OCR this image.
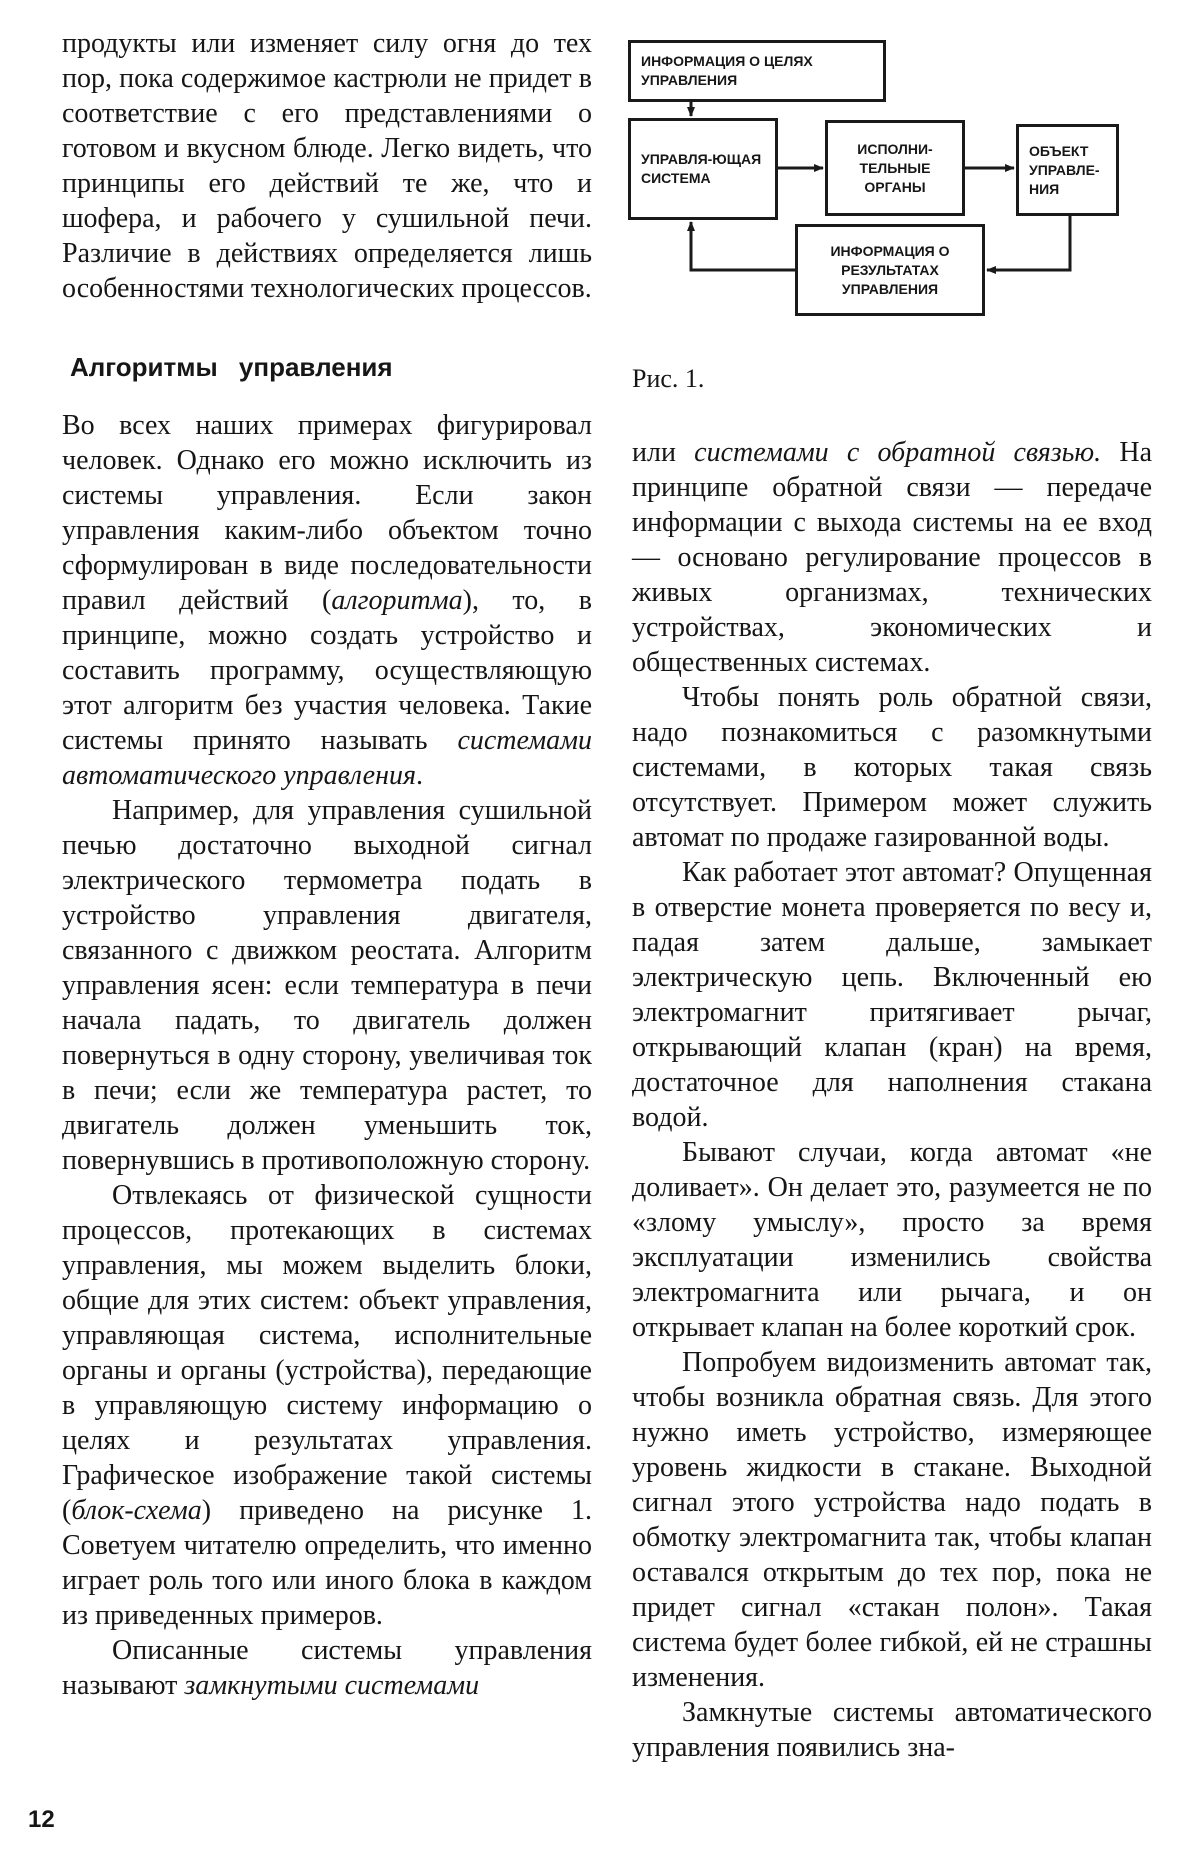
продукты или изменяет силу огня до тех пор, пока содержимое кастрюли не придет в соответствие с его представлениями о готовом и вкусном блюде. Легко видеть, что принципы его действий те же, что и шофера, и рабочего у сушильной печи. Различие в действиях определяется лишь особенностями технологических процессов.

ИНФОРМАЦИЯ О ЦЕЛЯХ УПРАВЛЕНИЯ
УПРАВЛЯ-ЮЩАЯ СИСТЕМА
ИСПОЛНИ-ТЕЛЬНЫЕ ОРГАНЫ
ОБЪЕКТ УПРАВЛЕ-НИЯ
ИНФОРМАЦИЯ О РЕЗУЛЬТАТАХ УПРАВЛЕНИЯ
Алгоритмы управления	Рис. 1.

Во всех наших примерах фигурировал человек. Однако его можно исключить из системы управления. Если закон управления каким-либо объектом точно сформулирован в виде последовательности правил действий (алгоритма), то, в принципе, можно создать устройство и составить программу, осуществляющую этот алгоритм без участия человека. Такие системы принято называть системами автоматического управления.

Например, для управления сушильной печью достаточно выходной сигнал электрического термометра подать в устройство управления двигателя, связанного с движком реостата. Алгоритм управления ясен: если температура в печи начала падать, то двигатель должен повернуться в одну сторону, увеличивая ток в печи; если же температура растет, то двигатель должен уменьшить ток, повернувшись в противоположную сторону.

Отвлекаясь от физической сущности процессов, протекающих в системах управления, мы можем выделить блоки, общие для этих систем: объект управления, управляющая система, исполнительные органы и органы (устройства), передающие в управляющую систему информацию о целях и результатах управления. Графическое изображение такой системы (блок-схема) приведено на рисунке 1. Советуем читателю определить, что именно играет роль того или иного блока в каждом из приведенных примеров.

Описанные системы управления называют замкнутыми системами

или системами с обратной связью. На принципе обратной связи — передаче информации с выхода системы на ее вход — основано регулирование процессов в живых организмах, технических устройствах, экономических и общественных системах.

Чтобы понять роль обратной связи, надо познакомиться с разомкнутыми системами, в которых такая связь отсутствует. Примером может служить автомат по продаже газированной воды.

Как работает этот автомат? Опущенная в отверстие монета проверяется по весу и, падая затем дальше, замыкает электрическую цепь. Включенный ею электромагнит притягивает рычаг, открывающий клапан (кран) на время, достаточное для наполнения стакана водой.

Бывают случаи, когда автомат «не доливает». Он делает это, разумеется не по «злому умыслу», просто за время эксплуатации изменились свойства электромагнита или рычага, и он открывает клапан на более короткий срок.

Попробуем видоизменить автомат так, чтобы возникла обратная связь. Для этого нужно иметь устройство, измеряющее уровень жидкости в стакане. Выходной сигнал этого устройства надо подать в обмотку электромагнита так, чтобы клапан оставался открытым до тех пор, пока не придет сигнал «стакан полон». Такая система будет более гибкой, ей не страшны изменения.

Замкнутые системы автоматического управления появились зна-

12
